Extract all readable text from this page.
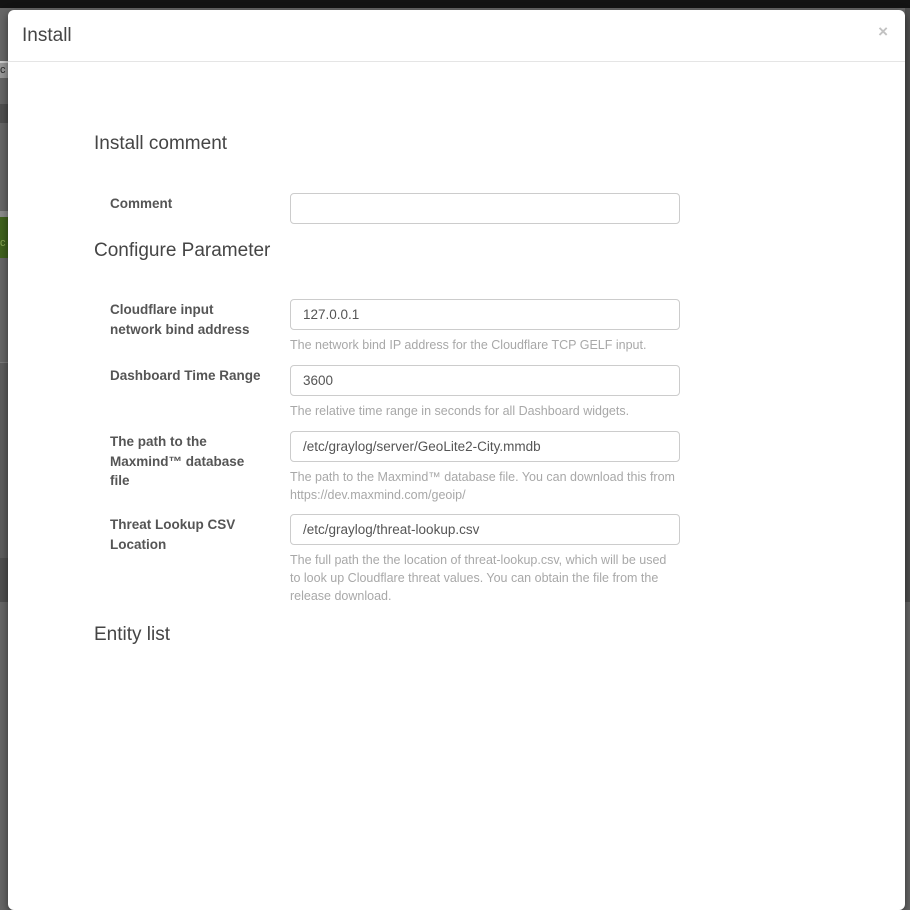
c
c
Install	×
Install comment
Comment
Configure Parameter
Cloudflare input network bind address
127.0.0.1
The network bind IP address for the Cloudflare TCP GELF input.
Dashboard Time Range
3600
The relative time range in seconds for all Dashboard widgets.
The path to the Maxmind™ database file
/etc/graylog/server/GeoLite2-City.mmdb	The path to the Maxmind™ database file. You can download this from https://dev.maxmind.com/geoip/
Threat Lookup CSV Location
/etc/graylog/threat-lookup.csv
The full path the the location of threat-lookup.csv, which will be used to look up Cloudflare threat values. You can obtain the file from the release download.
Entity list
